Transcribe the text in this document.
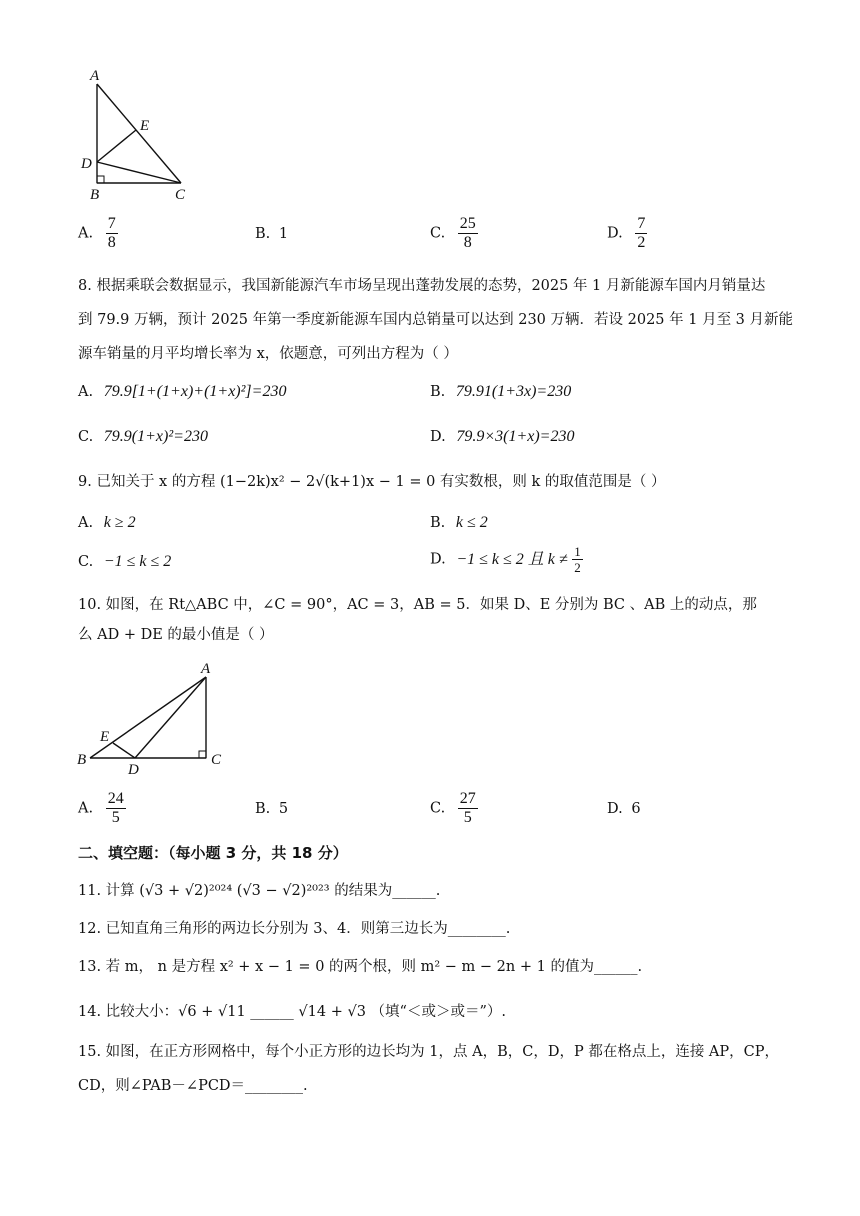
A
E
D
B	C
A. $\frac{7}{8}$	B. 1	C. $\frac{25}{8}$	D. $\frac{7}{2}$
8. 根据乘联会数据显示，我国新能源汽车市场呈现出蓬勃发展的态势，2025 年 1 月新能源车国内月销量达
到 79.9 万辆，预计 2025 年第一季度新能源车国内总销量可以达到 230 万辆．若设 2025 年 1 月至 3 月新能
源车销量的月平均增长率为 x，依题意，可列出方程为（ ）
A. 79.9[1+(1+x)+(1+x)²]=230	B. 79.91(1+3x)=230
C. 79.9(1+x)²=230	D. 79.9×3(1+x)=230
9. 已知关于 x 的方程 (1−2k)x² − 2√(k+1)x − 1 = 0 有实数根，则 k 的取值范围是（ ）
A. k ≥ 2	B. k ≤ 2
C. −1 ≤ k ≤ 2	D. −1 ≤ k ≤ 2 且 $k \ne \frac{1}{2}$
10. 如图，在 Rt△ABC 中，∠C = 90°，AC = 3，AB = 5．如果 D、E 分别为 BC 、AB 上的动点，那
么 AD + DE 的最小值是（ ）
A
E
B
D
C
A. $\frac{24}{5}$	B. 5	C. $\frac{27}{5}$	D. 6
二、填空题：（每小题 3 分，共 18 分）
11. 计算 (√3 + √2)²⁰²⁴ (√3 − √2)²⁰²³ 的结果为______.
12. 已知直角三角形的两边长分别为 3、4．则第三边长为________.
13. 若 m， n 是方程 x² + x − 1 = 0 的两个根，则 m² − m − 2n + 1 的值为______.
14. 比较大小：√6 + √11 ______ √14 + √3 （填“＜或＞或＝”）.
15. 如图，在正方形网格中，每个小正方形的边长均为 1，点 A，B，C，D，P 都在格点上，连接 AP，CP，
CD，则∠PAB－∠PCD＝________.
